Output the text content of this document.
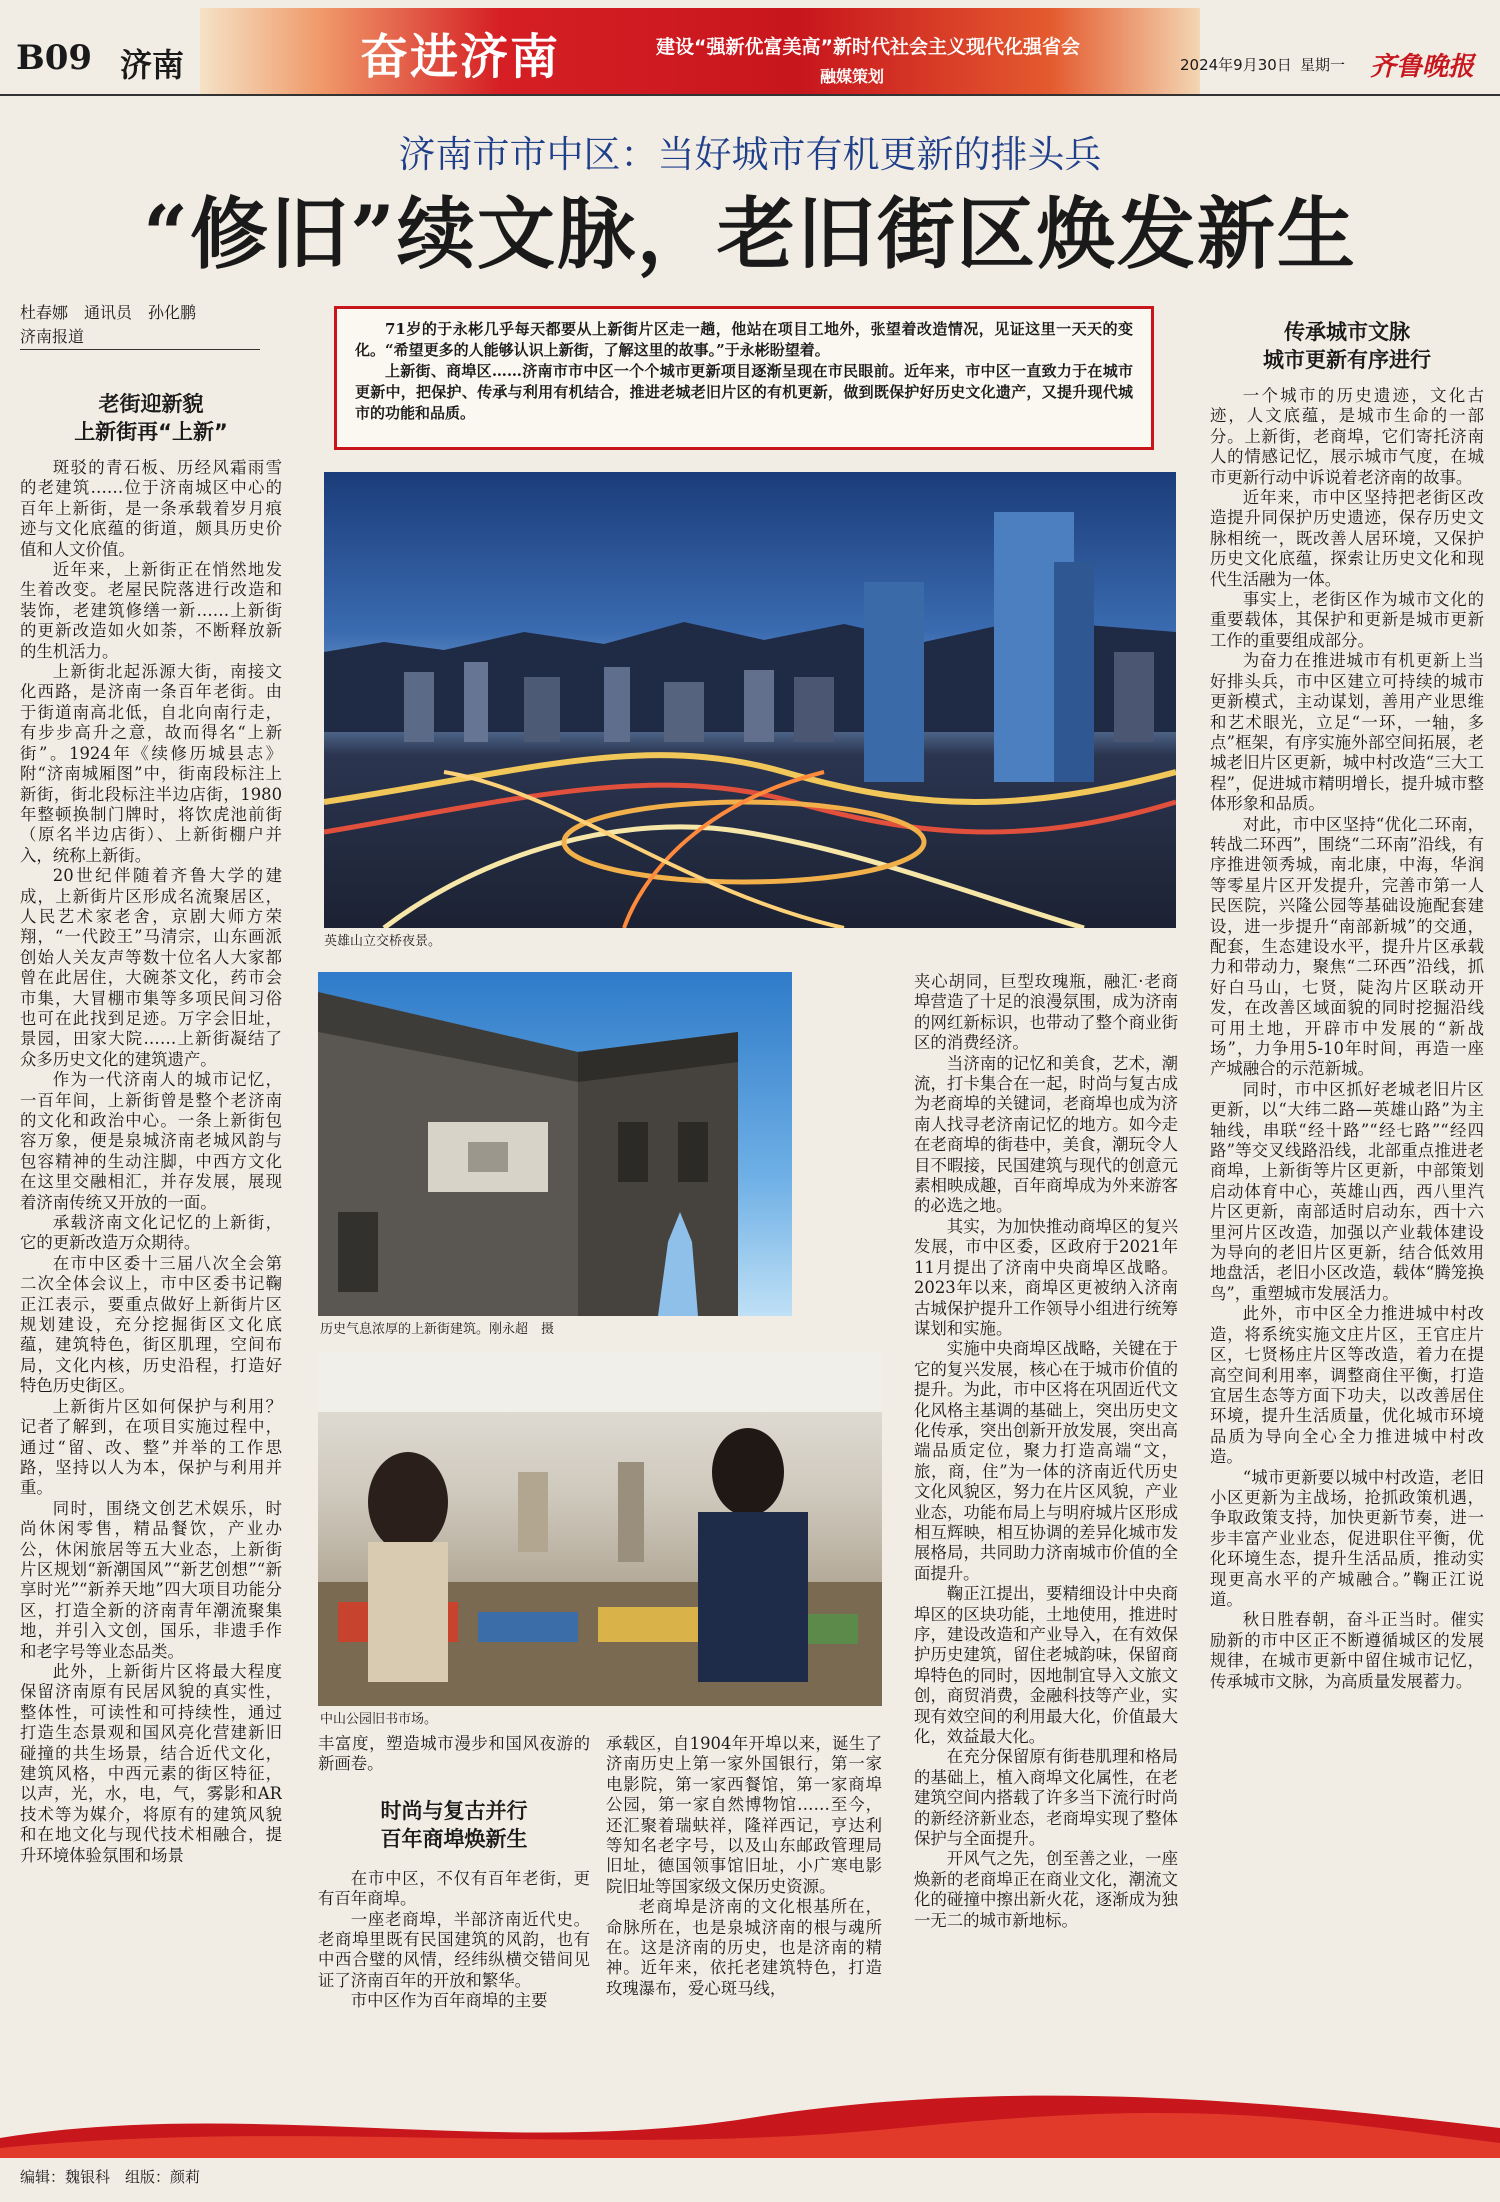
B09 济南	奋进济南	建设“强新优富美高”新时代社会主义现代化强省会
融媒策划
2024年9月30日 星期一 齐鲁晚报
济南市市中区：当好城市有机更新的排头兵
“修旧”续文脉，老旧街区焕发新生
杜春娜　通讯员　孙化鹏
济南报道	71岁的于永彬几乎每天都要从上新街片区走一趟，他站在项目工地外，张望着改造情况，见证这里一天天的变化。“希望更多的人能够认识上新街，了解这里的故事。”于永彬盼望着。

上新街、商埠区……济南市市中区一个个城市更新项目逐渐呈现在市民眼前。近年来，市中区一直致力于在城市更新中，把保护、传承与利用有机结合，推进老城老旧片区的有机更新，做到既保护好历史文化遗产，又提升现代城市的功能和品质。

老街迎新貌
上新街再“上新”

斑驳的青石板、历经风霜雨雪的老建筑……位于济南城区中心的百年上新街，是一条承载着岁月痕迹与文化底蕴的街道，颇具历史价值和人文价值。

近年来，上新街正在悄然地发生着改变。老屋民院落进行改造和装饰，老建筑修缮一新……上新街的更新改造如火如荼，不断释放新的生机活力。

上新街北起泺源大街，南接文化西路，是济南一条百年老街。由于街道南高北低，自北向南行走，有步步高升之意，故而得名“上新街”。1924年《续修历城县志》附“济南城厢图”中，街南段标注上新街，街北段标注半边店街，1980年整顿换制门牌时，将饮虎池前街（原名半边店街）、上新街棚户并入，统称上新街。

20世纪伴随着齐鲁大学的建成，上新街片区形成名流聚居区，人民艺术家老舍，京剧大师方荣翔，“一代跤王”马清宗，山东画派创始人关友声等数十位名人大家都曾在此居住，大碗茶文化，药市会市集，大冒棚市集等多项民间习俗也可在此找到足迹。万字会旧址，景园，田家大院……上新街凝结了众多历史文化的建筑遗产。

作为一代济南人的城市记忆，一百年间，上新街曾是整个老济南的文化和政治中心。一条上新街包容万象，便是泉城济南老城风韵与包容精神的生动注脚，中西方文化在这里交融相汇，并存发展，展现着济南传统又开放的一面。

承载济南文化记忆的上新街，它的更新改造万众期待。

在市中区委十三届八次全会第二次全体会议上，市中区委书记鞠正江表示，要重点做好上新街片区规划建设，充分挖掘街区文化底蕴，建筑特色，街区肌理，空间布局，文化内核，历史沿程，打造好特色历史街区。

上新街片区如何保护与利用？记者了解到，在项目实施过程中，通过“留、改、整”并举的工作思路，坚持以人为本，保护与利用并重。

同时，围绕文创艺术娱乐，时尚休闲零售，精品餐饮，产业办公，休闲旅居等五大业态，上新街片区规划“新潮国风”“新艺创想”“新享时光”“新养天地”四大项目功能分区，打造全新的济南青年潮流聚集地，并引入文创，国乐，非遗手作和老字号等业态品类。

此外，上新街片区将最大程度保留济南原有民居风貌的真实性，整体性，可读性和可持续性，通过打造生态景观和国风亮化营建新旧碰撞的共生场景，结合近代文化，建筑风格，中西元素的街区特征，以声，光，水，电，气，雾影和AR技术等为媒介，将原有的建筑风貌和在地文化与现代技术相融合，提升环境体验氛围和场景

英雄山立交桥夜景。
历史气息浓厚的上新街建筑。刚永超　摄
中山公园旧书市场。

丰富度，塑造城市漫步和国风夜游的新画卷。

时尚与复古并行
百年商埠焕新生

在市中区，不仅有百年老街，更有百年商埠。

一座老商埠，半部济南近代史。老商埠里既有民国建筑的风韵，也有中西合璧的风情，经纬纵横交错间见证了济南百年的开放和繁华。

市中区作为百年商埠的主要

承载区，自1904年开埠以来，诞生了济南历史上第一家外国银行，第一家电影院，第一家西餐馆，第一家商埠公园，第一家自然博物馆……至今，还汇聚着瑞蚨祥，隆祥西记，亨达利等知名老字号，以及山东邮政管理局旧址，德国领事馆旧址，小广寒电影院旧址等国家级文保历史资源。

老商埠是济南的文化根基所在，命脉所在，也是泉城济南的根与魂所在。这是济南的历史，也是济南的精神。近年来，依托老建筑特色，打造玫瑰瀑布，爱心斑马线，

夹心胡同，巨型玫瑰瓶，融汇·老商埠营造了十足的浪漫氛围，成为济南的网红新标识，也带动了整个商业街区的消费经济。

当济南的记忆和美食，艺术，潮流，打卡集合在一起，时尚与复古成为老商埠的关键词，老商埠也成为济南人找寻老济南记忆的地方。如今走在老商埠的街巷中，美食，潮玩令人目不暇接，民国建筑与现代的创意元素相映成趣，百年商埠成为外来游客的必选之地。

其实，为加快推动商埠区的复兴发展，市中区委，区政府于2021年11月提出了济南中央商埠区战略。2023年以来，商埠区更被纳入济南古城保护提升工作领导小组进行统筹谋划和实施。

实施中央商埠区战略，关键在于它的复兴发展，核心在于城市价值的提升。为此，市中区将在巩固近代文化风格主基调的基础上，突出历史文化传承，突出创新开放发展，突出高端品质定位，聚力打造高端“文，旅，商，住”为一体的济南近代历史文化风貌区，努力在片区风貌，产业业态，功能布局上与明府城片区形成相互辉映，相互协调的差异化城市发展格局，共同助力济南城市价值的全面提升。

鞠正江提出，要精细设计中央商埠区的区块功能，土地使用，推进时序，建设改造和产业导入，在有效保护历史建筑，留住老城韵味，保留商埠特色的同时，因地制宜导入文旅文创，商贸消费，金融科技等产业，实现有效空间的利用最大化，价值最大化，效益最大化。

在充分保留原有街巷肌理和格局的基础上，植入商埠文化属性，在老建筑空间内搭载了许多当下流行时尚的新经济新业态，老商埠实现了整体保护与全面提升。

开风气之先，创至善之业，一座焕新的老商埠正在商业文化，潮流文化的碰撞中擦出新火花，逐渐成为独一无二的城市新地标。

传承城市文脉
城市更新有序进行

一个城市的历史遗迹，文化古迹，人文底蕴，是城市生命的一部分。上新街，老商埠，它们寄托济南人的情感记忆，展示城市气度，在城市更新行动中诉说着老济南的故事。

近年来，市中区坚持把老街区改造提升同保护历史遗迹，保存历史文脉相统一，既改善人居环境，又保护历史文化底蕴，探索让历史文化和现代生活融为一体。

事实上，老街区作为城市文化的重要载体，其保护和更新是城市更新工作的重要组成部分。

为奋力在推进城市有机更新上当好排头兵，市中区建立可持续的城市更新模式，主动谋划，善用产业思维和艺术眼光，立足“一环，一轴，多点”框架，有序实施外部空间拓展，老城老旧片区更新，城中村改造“三大工程”，促进城市精明增长，提升城市整体形象和品质。

对此，市中区坚持“优化二环南，转战二环西”，围绕“二环南”沿线，有序推进领秀城，南北康，中海，华润等零星片区开发提升，完善市第一人民医院，兴隆公园等基础设施配套建设，进一步提升“南部新城”的交通，配套，生态建设水平，提升片区承载力和带动力，聚焦“二环西”沿线，抓好白马山，七贤，陡沟片区联动开发，在改善区域面貌的同时挖掘沿线可用土地，开辟市中发展的“新战场”，力争用5-10年时间，再造一座产城融合的示范新城。

同时，市中区抓好老城老旧片区更新，以“大纬二路—英雄山路”为主轴线，串联“经十路”“经七路”“经四路”等交叉线路沿线，北部重点推进老商埠，上新街等片区更新，中部策划启动体育中心，英雄山西，西八里汽片区更新，南部适时启动东，西十六里河片区改造，加强以产业载体建设为导向的老旧片区更新，结合低效用地盘活，老旧小区改造，载体“腾笼换鸟”，重塑城市发展活力。

此外，市中区全力推进城中村改造，将系统实施文庄片区，王官庄片区，七贤杨庄片区等改造，着力在提高空间利用率，调整商住平衡，打造宜居生态等方面下功夫，以改善居住环境，提升生活质量，优化城市环境品质为导向全心全力推进城中村改造。

“城市更新要以城中村改造，老旧小区更新为主战场，抢抓政策机遇，争取政策支持，加快更新节奏，进一步丰富产业业态，促进职住平衡，优化环境生态，提升生活品质，推动实现更高水平的产城融合。”鞠正江说道。

秋日胜春朝，奋斗正当时。催实励新的市中区正不断遵循城区的发展规律，在城市更新中留住城市记忆，传承城市文脉，为高质量发展蓄力。

编辑：魏银科　组版：颜莉
